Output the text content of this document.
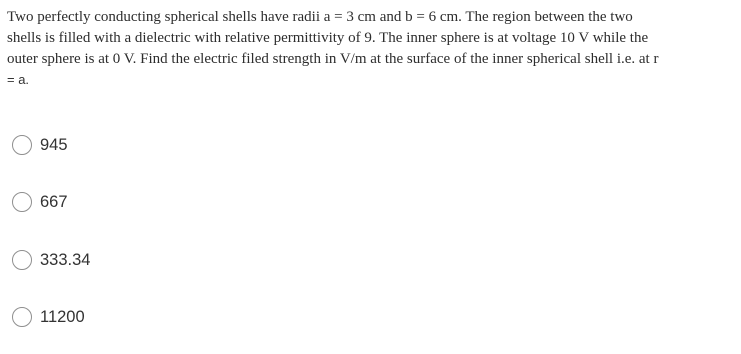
Two perfectly conducting spherical shells have radii a = 3 cm and b = 6 cm. The region between the two
shells is filled with a dielectric with relative permittivity of 9. The inner sphere is at voltage 10 V while the
outer sphere is at 0 V. Find the electric filed strength in V/m at the surface of the inner spherical shell i.e. at r
= a.
945
667
333.34
11200
